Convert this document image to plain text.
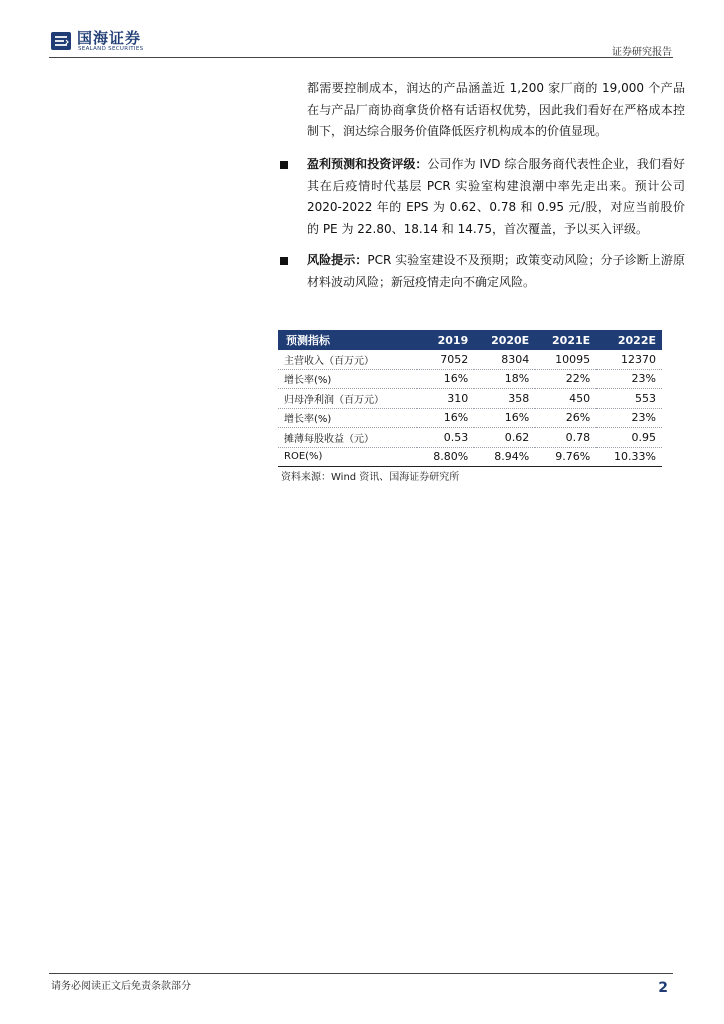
国海证券
SEALAND SECURITIES	证券研究报告
都需要控制成本，润达的产品涵盖近 1,200 家厂商的 19,000 个产品在与产品厂商协商拿货价格有话语权优势，因此我们看好在严格成本控制下，润达综合服务价值降低医疗机构成本的价值显现。
盈利预测和投资评级：公司作为 IVD 综合服务商代表性企业，我们看好其在后疫情时代基层 PCR 实验室构建浪潮中率先走出来。预计公司 2020-2022 年的 EPS 为 0.62、0.78 和 0.95 元/股，对应当前股价的 PE 为 22.80、18.14 和 14.75，首次覆盖，予以买入评级。
风险提示：PCR 实验室建设不及预期；政策变动风险；分子诊断上游原材料波动风险；新冠疫情走向不确定风险。
预测指标	2019	2020E	2021E	2022E
主营收入（百万元）	7052	8304	10095	12370
增长率(%)	16%	18%	22%	23%
归母净利润（百万元）	310	358	450	553
增长率(%)	16%	16%	26%	23%
摊薄每股收益（元）	0.53	0.62	0.78	0.95
ROE(%)	8.80%	8.94%	9.76%	10.33%
资料来源：Wind 资讯、国海证券研究所
请务必阅读正文后免责条款部分	2
